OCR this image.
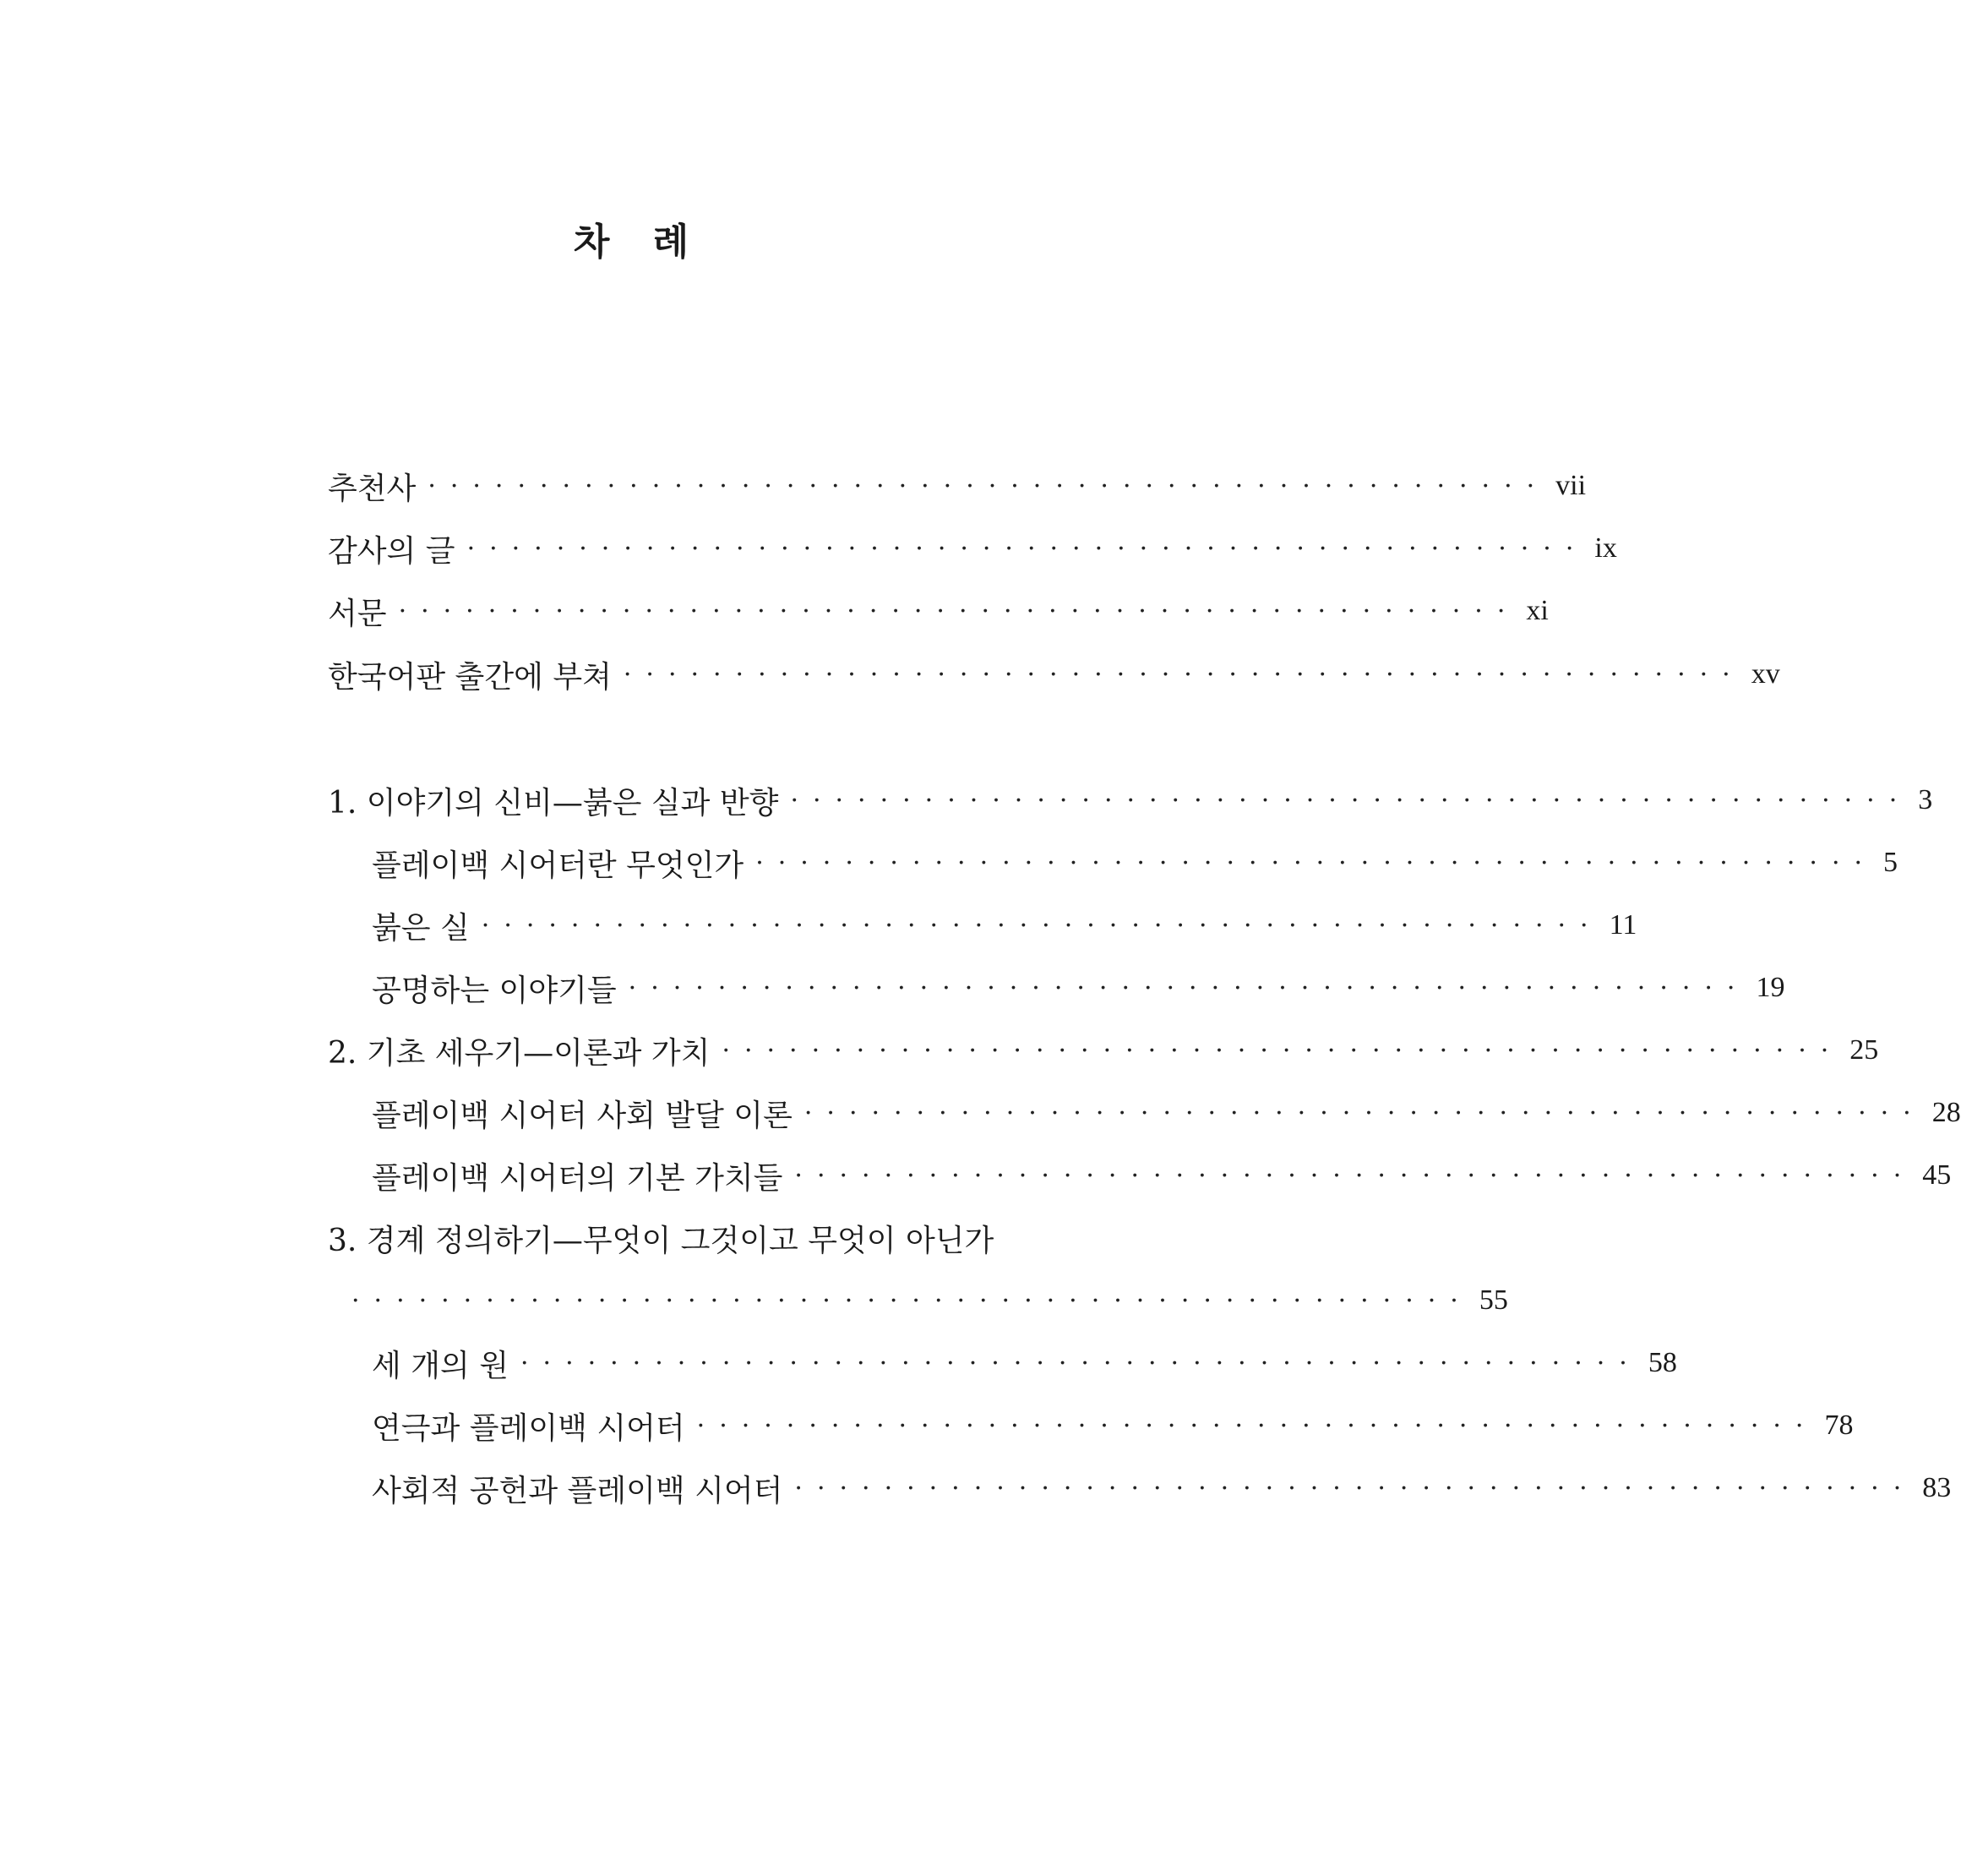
차 례
추천사 ·················································· vii
감사의 글 ·················································· ix
서문 ·················································· xi
한국어판 출간에 부쳐 ·················································· xv
1. 이야기의 신비—붉은 실과 반향 ·················································· 3
플레이백 시어터란 무엇인가 ·················································· 5
붉은 실 ·················································· 11
공명하는 이야기들 ·················································· 19
2. 기초 세우기—이론과 가치 ·················································· 25
플레이백 시어터 사회 발달 이론 ·················································· 28
플레이백 시어터의 기본 가치들 ·················································· 45
3. 경계 정의하기—무엇이 그것이고 무엇이 아닌가
·················································· 55
세 개의 원 ·················································· 58
연극과 플레이백 시어터 ·················································· 78
사회적 공헌과 플레이백 시어터 ·················································· 83
